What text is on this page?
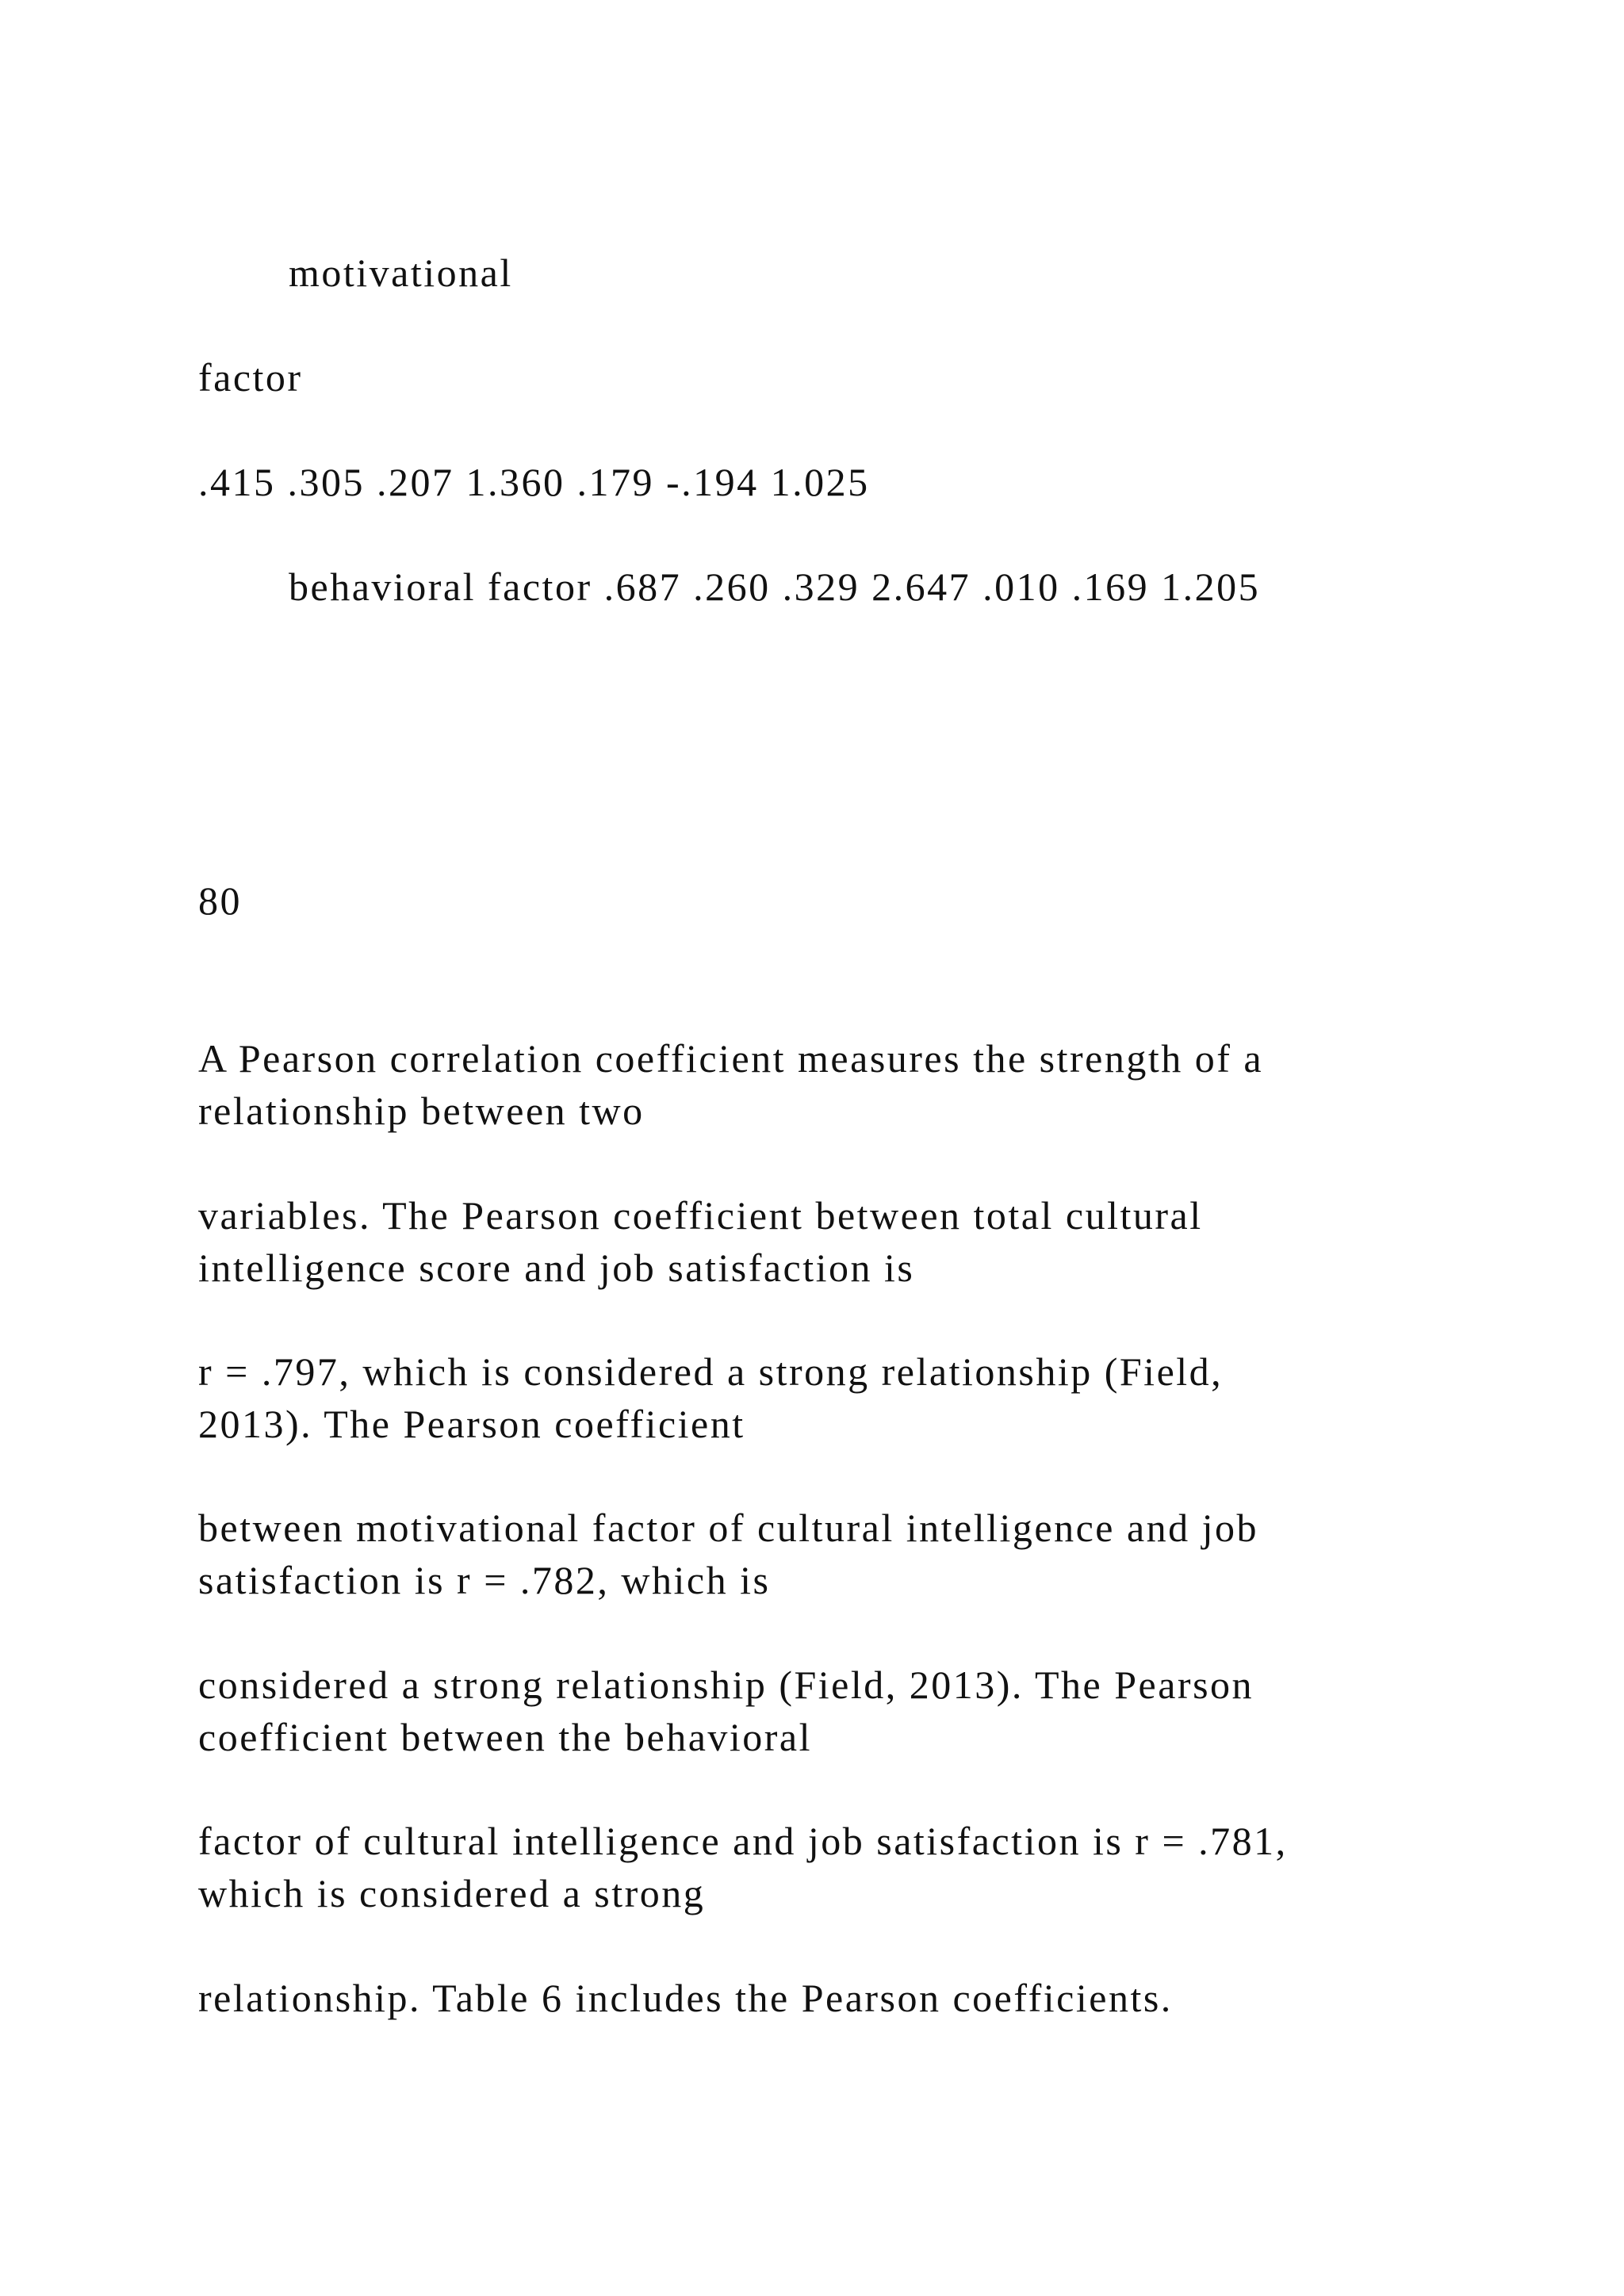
motivational

factor

.415 .305 .207 1.360 .179 -.194 1.025

behavioral factor .687 .260 .329 2.647 .010 .169 1.205

80

A Pearson correlation coefficient measures the strength of a
relationship between two

variables. The Pearson coefficient between total cultural
intelligence score and job satisfaction is

r = .797, which is considered a strong relationship (Field,
2013). The Pearson coefficient

between motivational factor of cultural intelligence and job
satisfaction is r = .782, which is

considered a strong relationship (Field, 2013). The Pearson
coefficient between the behavioral

factor of cultural intelligence and job satisfaction is r = .781,
which is considered a strong

relationship. Table 6 includes the Pearson coefficients.
